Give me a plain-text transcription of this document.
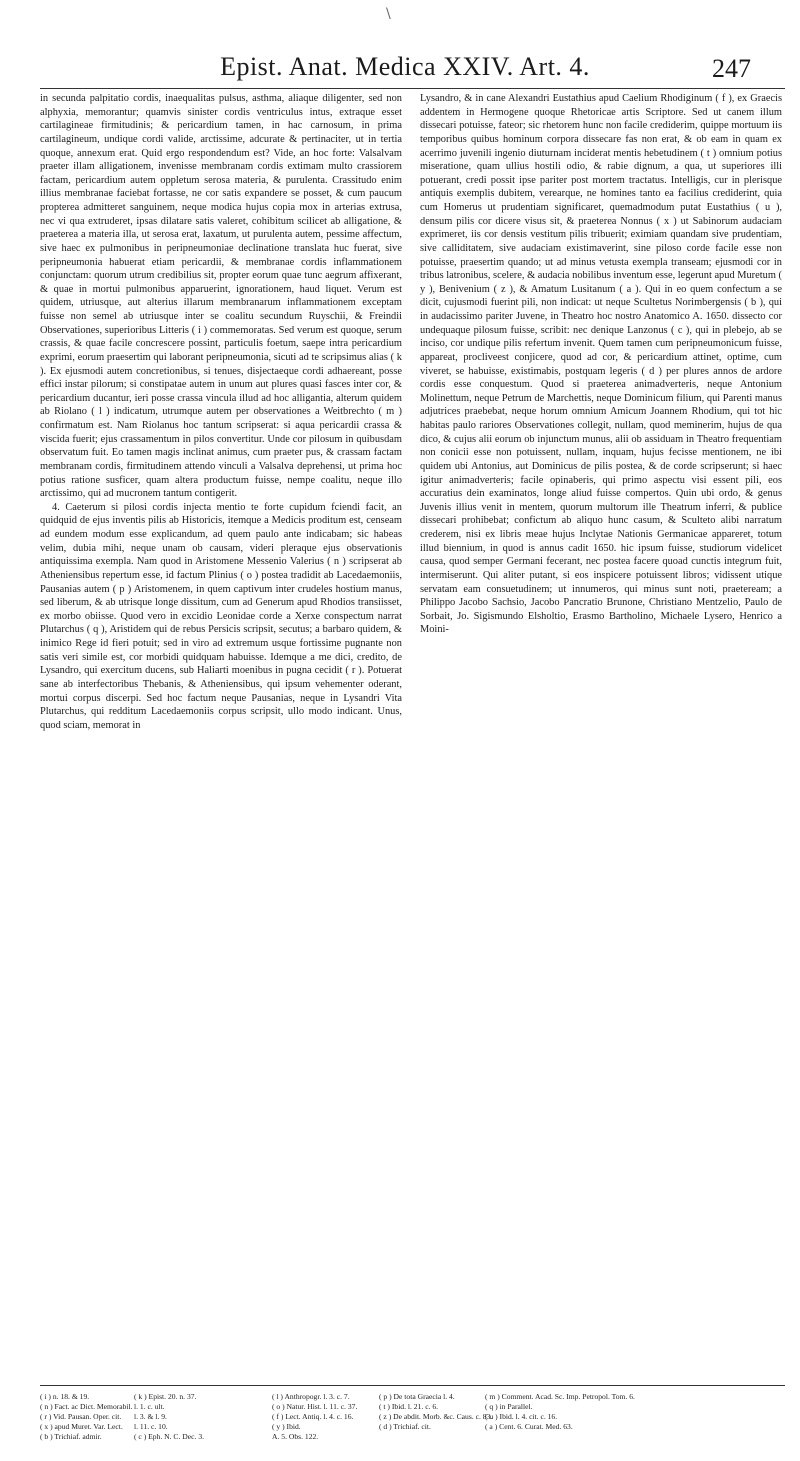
\
Epist. Anat. Medica XXIV. Art. 4.	247

in secunda palpitatio cordis, inaequalitas pulsus, asthma, aliaque diligenter, sed non alphyxia, memorantur; quamvis sinister cordis ventriculus intus, extraque esset cartilagineae firmitudinis; & pericardium tamen, in hac carnosum, in prima cartilagineum, undique cordi valide, arctissime, adcurate & pertinaciter, ut in tertia quoque, annexum erat. Quid ergo respondendum est? Vide, an hoc forte: Valsalvam praeter illam alligationem, invenisse membranam cordis extimam multo crassiorem factam, pericardium autem oppletum serosa materia, & purulenta. Crassitudo enim illius membranae faciebat fortasse, ne cor satis expandere se posset, & cum paucum propterea admitteret sanguinem, neque modica hujus copia mox in arterias extrusa, nec vi qua extruderet, ipsas dilatare satis valeret, cohibitum scilicet ab alligatione, & praeterea a materia illa, ut serosa erat, laxatum, ut purulenta autem, pessime affectum, sive haec ex pulmonibus in peripneumoniae declinatione translata huc fuerat, sive peripneumonia habuerat etiam pericardii, & membranae cordis inflammationem conjunctam: quorum utrum credibilius sit, propter eorum quae tunc aegrum affixerant, & quae in mortui pulmonibus apparuerint, ignorationem, haud liquet. Verum est quidem, utriusque, aut alterius illarum membranarum inflammationem exceptam fuisse non semel ab utriusque inter se coalitu secundum Ruyschii, & Freindii Observationes, superioribus Litteris ( i ) commemoratas. Sed verum est quoque, serum crassis, & quae facile concrescere possint, particulis foetum, saepe intra pericardium exprimi, eorum praesertim qui laborant peripneumonia, sicuti ad te scripsimus alias ( k ). Ex ejusmodi autem concretionibus, si tenues, disjectaeque cordi adhaereant, posse effici instar pilorum; si constipatae autem in unum aut plures quasi fasces inter cor, & pericardium ducantur, ieri posse crassa vincula illud ad hoc alligantia, alterum quidem ab Riolano ( l ) indicatum, utrumque autem per observationes a Weitbrechto ( m ) confirmatum est. Nam Riolanus hoc tantum scripserat: si aqua pericardii crassa & viscida fuerit; ejus crassamentum in pilos convertitur. Unde cor pilosum in quibusdam observatum fuit. Eo tamen magis inclinat animus, cum praeter pus, & crassam factam membranam cordis, firmitudinem attendo vinculi a Valsalva deprehensi, ut prima hoc potius ratione susficer, quam altera productum fuisse, nempe coalitu, neque illo arctissimo, qui ad mucronem tantum contigerit.

4. Caeterum si pilosi cordis injecta mentio te forte cupidum fciendi facit, an quidquid de ejus inventis pilis ab Historicis, itemque a Medicis proditum est, censeam ad eundem modum esse explicandum, ad quem paulo ante indicabam; sic habeas velim, dubia mihi, neque unam ob causam, videri pleraque ejus observationis antiquissima exempla. Nam quod in Aristomene Messenio Valerius ( n ) scripserat ab Atheniensibus repertum esse, id factum Plinius ( o ) postea tradidit ab Lacedaemoniis, Pausanias autem ( p ) Aristomenem, in quem captivum inter crudeles hostium manus, sed liberum, & ab utrisque longe dissitum, cum ad Generum apud Rhodios transiisset, ex morbo obiisse. Quod vero in excidio Leonidae corde a Xerxe conspectum narrat Plutarchus ( q ), Aristidem qui de rebus Persicis scripsit, secutus; a barbaro quidem, & inimico Rege id fieri potuit; sed in viro ad extremum usque fortissime pugnante non satis veri simile est, cor morbidi quidquam habuisse. Idemque a me dici, credito, de Lysandro, qui exercitum ducens, sub Haliarti moenibus in pugna cecidit ( r ). Potuerat sane ab interfectoribus Thebanis, & Atheniensibus, qui ipsum vehementer oderant, mortui corpus discerpi. Sed hoc factum neque Pausanias, neque in Lysandri Vita Plutarchus, qui redditum Lacedaemoniis corpus scripsit, ullo modo indicant. Unus, quod sciam, memorat in

Lysandro, & in cane Alexandri Eustathius apud Caelium Rhodiginum ( f ), ex Graecis addentem in Hermogene quoque Rhetoricae artis Scriptore. Sed ut canem illum dissecari potuisse, fateor; sic rhetorem hunc non facile crediderim, quippe mortuum iis temporibus quibus hominum corpora dissecare fas non erat, & ob eam in quam ex acerrimo juvenili ingenio diuturnam inciderat mentis hebetudinem ( t ) omnium potius miseratione, quam ullius hostili odio, & rabie dignum, a qua, ut superiores illi potuerant, credi possit ipse pariter post mortem tractatus. Intelligis, cur in plerisque antiquis exemplis dubitem, verearque, ne homines tanto ea facilius crediderint, quia cum Homerus ut prudentiam significaret, quemadmodum putat Eustathius ( u ), densum pilis cor dicere visus sit, & praeterea Nonnus ( x ) ut Sabinorum audaciam exprimeret, iis cor densis vestitum pilis tribuerit; eximiam quandam sive prudentiam, sive calliditatem, sive audaciam existimaverint, sine piloso corde facile esse non potuisse, praesertim quando; ut ad minus vetusta exempla transeam; ejusmodi cor in tribus latronibus, scelere, & audacia nobilibus inventum esse, legerunt apud Muretum ( y ), Benivenium ( z ), & Amatum Lusitanum ( a ). Qui in eo quem confectum a se dicit, cujusmodi fuerint pili, non indicat: ut neque Scultetus Norimbergensis ( b ), qui in audacissimo pariter Juvene, in Theatro hoc nostro Anatomico A. 1650. dissecto cor undequaque pilosum fuisse, scribit: nec denique Lanzonus ( c ), qui in plebejo, ab se inciso, cor undique pilis refertum invenit. Quem tamen cum peripneumonicum fuisse, appareat, procliveest conjicere, quod ad cor, & pericardium attinet, optime, cum viveret, se habuisse, existimabis, postquam legeris ( d ) per plures annos de ardore cordis esse conquestum. Quod si praeterea animadverteris, neque Antonium Molinettum, neque Petrum de Marchettis, neque Dominicum filium, qui Parenti manus adjutrices praebebat, neque horum omnium Amicum Joannem Rhodium, qui tot hic habitas paulo rariores Observationes collegit, nullam, quod meminerim, hujus de qua dico, & cujus alii eorum ob injunctum munus, alii ob assiduam in Theatro frequentiam non conicii esse non potuissent, nullam, inquam, hujus fecisse mentionem, ne ibi quidem ubi Antonius, aut Dominicus de pilis postea, & de corde scripserunt; si haec igitur animadverteris; facile opinaberis, qui primo aspectu visi essent pili, eos accuratius dein examinatos, longe aliud fuisse compertos. Quin ubi ordo, & genus Juvenis illius venit in mentem, quorum multorum ille Theatrum inferri, & publice dissecari prohibebat; confictum ab aliquo hunc casum, & Sculteto alibi narratum crederem, nisi ex libris meae hujus Inclytae Nationis Germanicae appareret, totum illud biennium, in quod is annus cadit 1650. hic ipsum fuisse, studiorum videlicet causa, quod semper Germani fecerant, nec postea facere quoad cunctis integrum fuit, intermiserunt. Qui aliter putant, si eos inspicere potuissent libros; vidissent utique servatam eam consuetudinem; ut innumeros, qui minus sunt noti, praeteream; a Philippo Jacobo Sachsio, Jacobo Pancratio Brunone, Christiano Mentzelio, Paulo de Sorbait, Jo. Sigismundo Elsholtio, Erasmo Bartholino, Michaele Lysero, Henrico a Moini-

( i ) n. 18. & 19.
( n ) Fact. ac Dict. Memorabil.
( r ) Vid. Pausan. Oper. cit.
( x ) apud Muret. Var. Lect.
( b ) Trichiaf. admir.
( k ) Epist. 20. n. 37.
l. 1. c. ult.
l. 3. & l. 9.
l. 11. c. 10.
( c ) Eph. N. C. Dec. 3.
( l ) Anthropogr. l. 3. c. 7.
( o ) Natur. Hist. l. 11. c. 37.
( f ) Lect. Antiq. l. 4. c. 16.
( y ) Ibid.
A. 5. Obs. 122.
( p ) De tota Graecia l. 4.
( t ) Ibid. l. 21. c. 6.
( z ) De abdit. Morb. &c. Caus. c. 83.
( d ) Trichiaf. cit.
( m ) Comment. Acad. Sc. Imp. Petropol. Tom. 6.
( q ) in Parallel.
( u ) Ibid. l. 4. cit. c. 16.
( a ) Cent. 6. Curat. Med. 63.
